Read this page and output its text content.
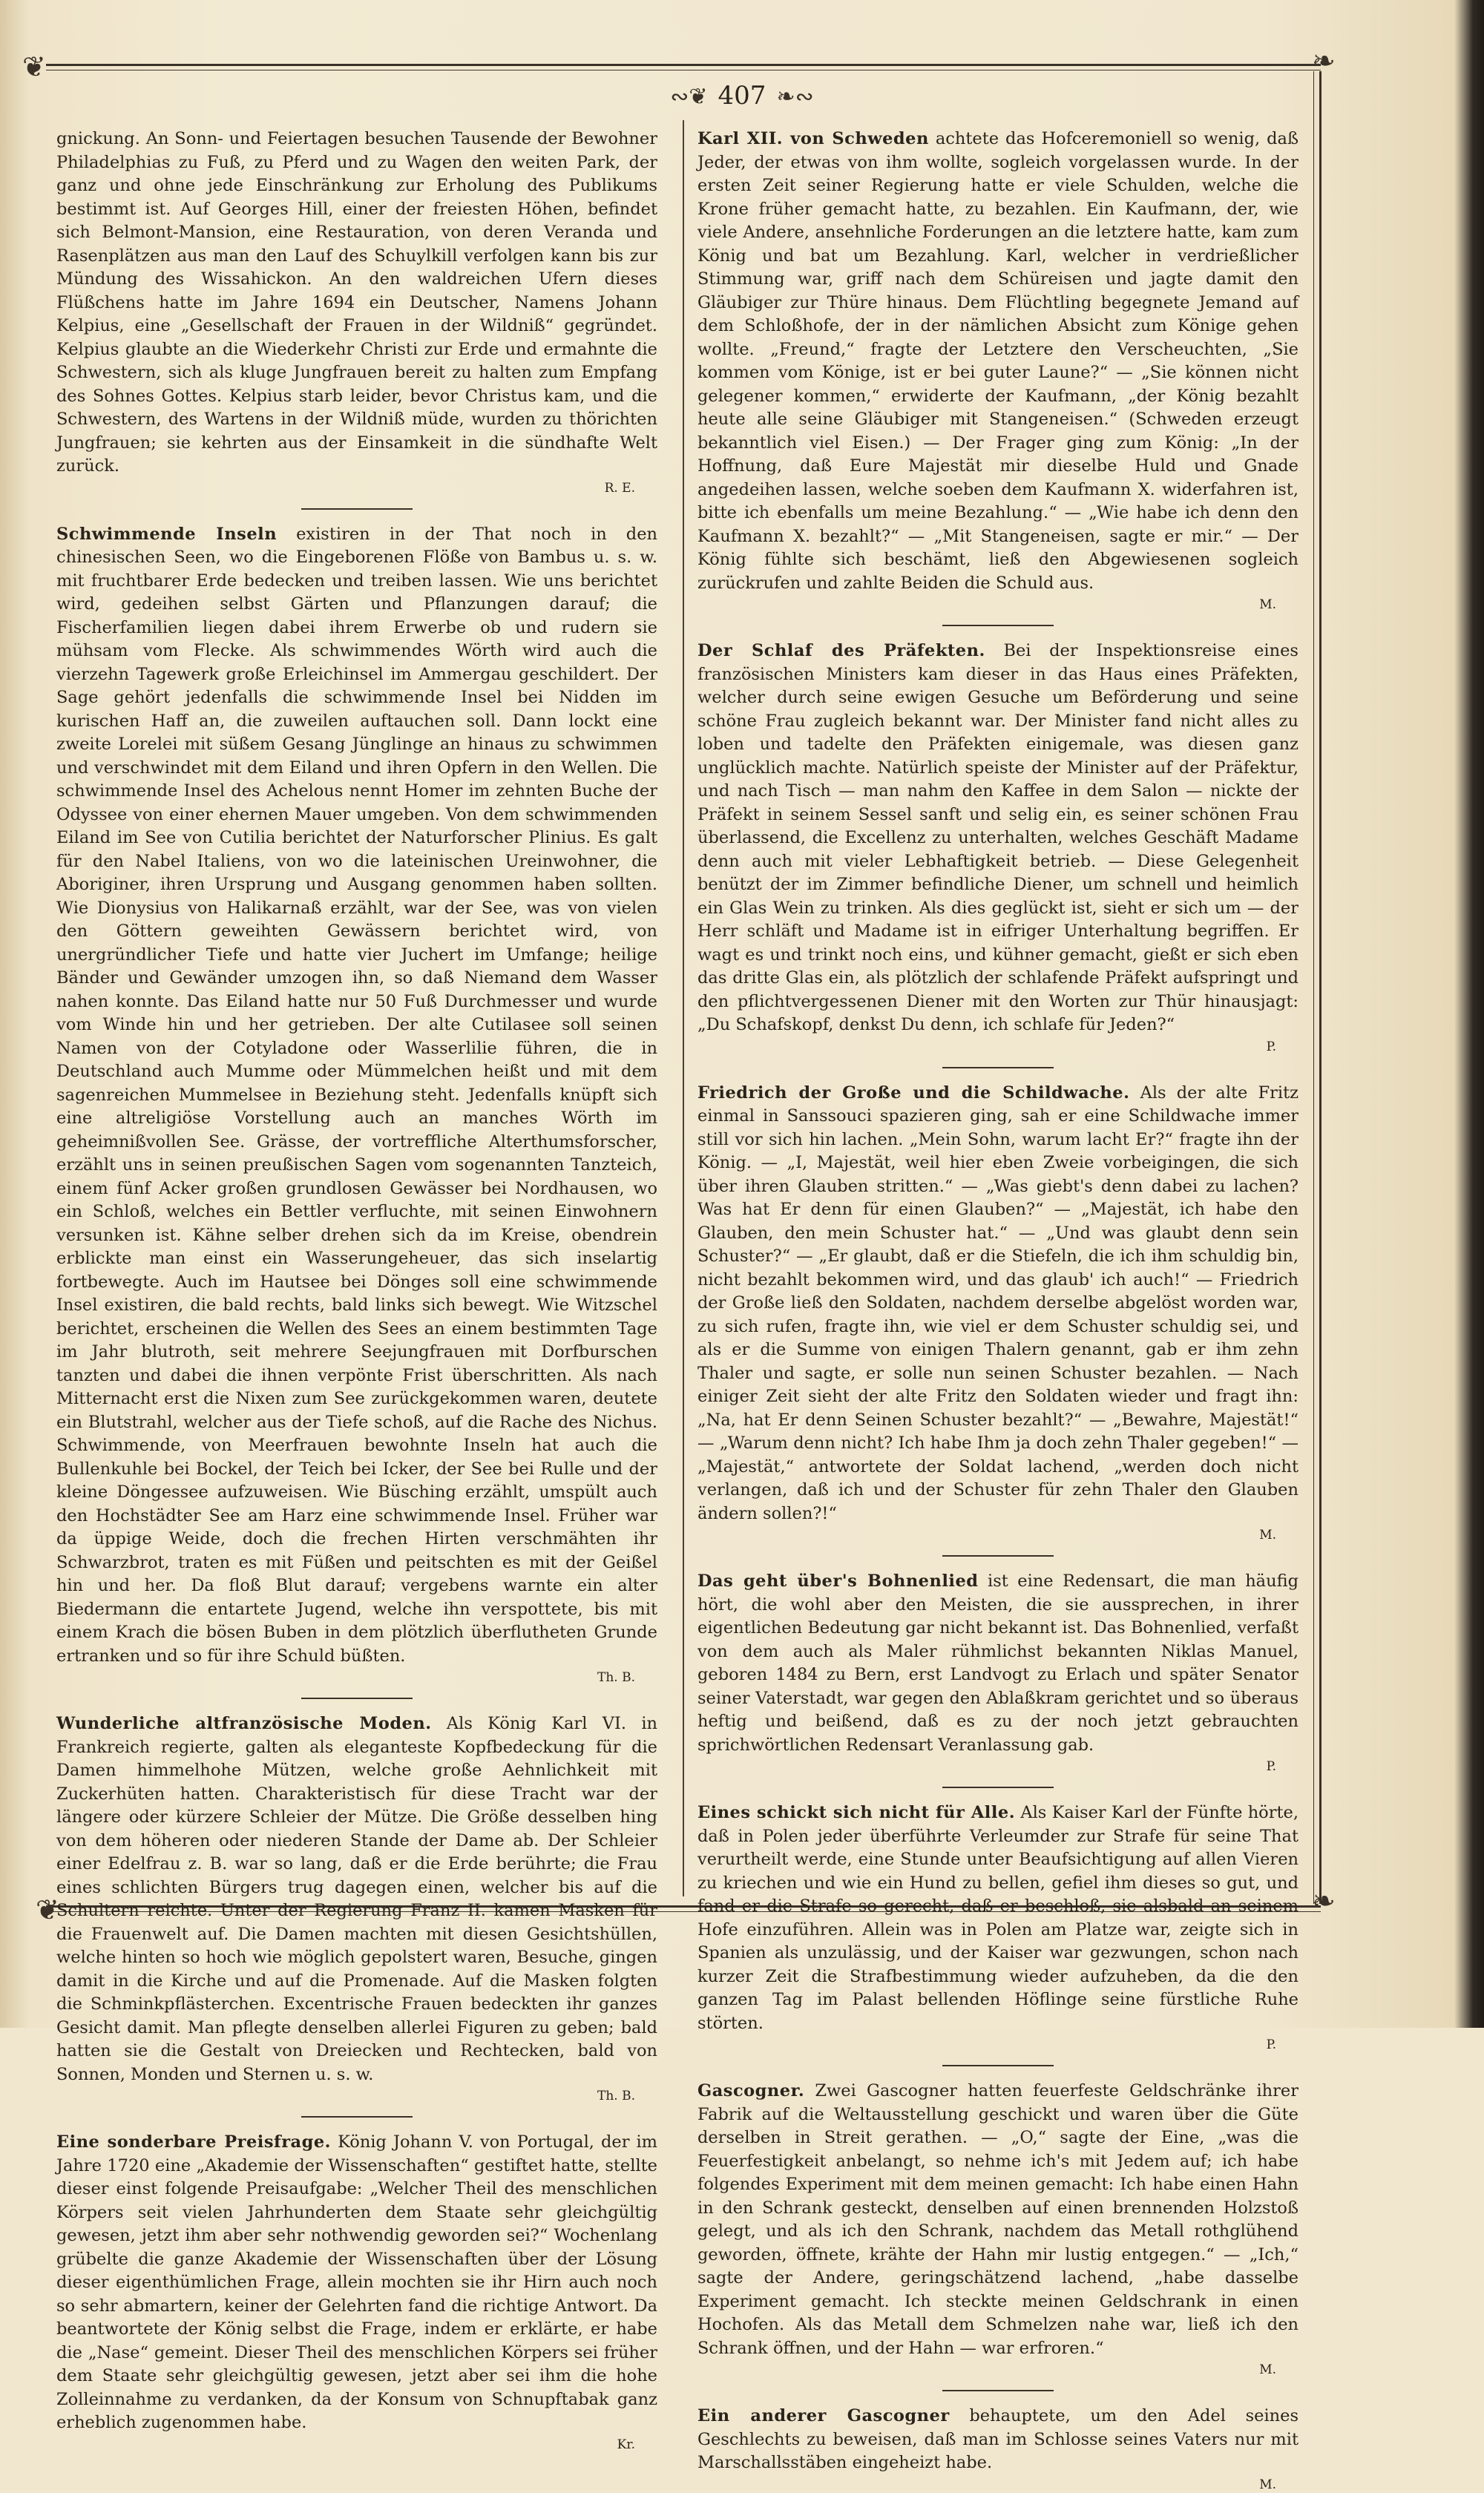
❦	❧
❦	❧
∾❦ 407 ❧∾

gnickung. An Sonn- und Feiertagen besuchen Tausende der Bewohner Philadelphias zu Fuß, zu Pferd und zu Wagen den weiten Park, der ganz und ohne jede Einschränkung zur Erholung des Publikums bestimmt ist. Auf Georges Hill, einer der freiesten Höhen, befindet sich Belmont-Mansion, eine Restauration, von deren Veranda und Rasenplätzen aus man den Lauf des Schuylkill verfolgen kann bis zur Mündung des Wissahickon. An den waldreichen Ufern dieses Flüßchens hatte im Jahre 1694 ein Deutscher, Namens Johann Kelpius, eine „Gesellschaft der Frauen in der Wildniß“ gegründet. Kelpius glaubte an die Wiederkehr Christi zur Erde und ermahnte die Schwestern, sich als kluge Jungfrauen bereit zu halten zum Empfang des Sohnes Gottes. Kelpius starb leider, bevor Christus kam, und die Schwestern, des Wartens in der Wildniß müde, wurden zu thörichten Jungfrauen; sie kehrten aus der Einsamkeit in die sündhafte Welt zurück.

R. E.

Schwimmende Inseln existiren in der That noch in den chinesischen Seen, wo die Eingeborenen Flöße von Bambus u. s. w. mit fruchtbarer Erde bedecken und treiben lassen. Wie uns berichtet wird, gedeihen selbst Gärten und Pflanzungen darauf; die Fischerfamilien liegen dabei ihrem Erwerbe ob und rudern sie mühsam vom Flecke. Als schwimmendes Wörth wird auch die vierzehn Tagewerk große Erleichinsel im Ammergau geschildert. Der Sage gehört jedenfalls die schwimmende Insel bei Nidden im kurischen Haff an, die zuweilen auftauchen soll. Dann lockt eine zweite Lorelei mit süßem Gesang Jünglinge an hinaus zu schwimmen und verschwindet mit dem Eiland und ihren Opfern in den Wellen. Die schwimmende Insel des Achelous nennt Homer im zehnten Buche der Odyssee von einer ehernen Mauer umgeben. Von dem schwimmenden Eiland im See von Cutilia berichtet der Naturforscher Plinius. Es galt für den Nabel Italiens, von wo die lateinischen Ureinwohner, die Aboriginer, ihren Ursprung und Ausgang genommen haben sollten. Wie Dionysius von Halikarnaß erzählt, war der See, was von vielen den Göttern geweihten Gewässern berichtet wird, von unergründlicher Tiefe und hatte vier Juchert im Umfange; heilige Bänder und Gewänder umzogen ihn, so daß Niemand dem Wasser nahen konnte. Das Eiland hatte nur 50 Fuß Durchmesser und wurde vom Winde hin und her getrieben. Der alte Cutilasee soll seinen Namen von der Cotyladone oder Wasserlilie führen, die in Deutschland auch Mummе oder Mümmelchen heißt und mit dem sagenreichen Mummelsee in Beziehung steht. Jedenfalls knüpft sich eine altreligiöse Vorstellung auch an manches Wörth im geheimnißvollen See. Grässe, der vortreffliche Alterthumsforscher, erzählt uns in seinen preußischen Sagen vom sogenannten Tanzteich, einem fünf Acker großen grundlosen Gewässer bei Nordhausen, wo ein Schloß, welches ein Bettler verfluchte, mit seinen Einwohnern versunken ist. Kähne selber drehen sich da im Kreise, obendrein erblickte man einst ein Wasserungeheuer, das sich inselartig fortbewegte. Auch im Hautsee bei Dönges soll eine schwimmende Insel existiren, die bald rechts, bald links sich bewegt. Wie Witzschel berichtet, erscheinen die Wellen des Sees an einem bestimmten Tage im Jahr blutroth, seit mehrere Seejungfrauen mit Dorfburschen tanzten und dabei die ihnen verpönte Frist überschritten. Als nach Mitternacht erst die Nixen zum See zurückgekommen waren, deutete ein Blutstrahl, welcher aus der Tiefe schoß, auf die Rache des Nichus. Schwimmende, von Meerfrauen bewohnte Inseln hat auch die Bullenkuhle bei Bockel, der Teich bei Icker, der See bei Rulle und der kleine Döngessee aufzuweisen. Wie Büsching erzählt, umspült auch den Hochstädter See am Harz eine schwimmende Insel. Früher war da üppige Weide, doch die frechen Hirten verschmähten ihr Schwarzbrot, traten es mit Füßen und peitschten es mit der Geißel hin und her. Da floß Blut darauf; vergebens warnte ein alter Biedermann die entartete Jugend, welche ihn verspottete, bis mit einem Krach die bösen Buben in dem plötzlich überflutheten Grunde ertranken und so für ihre Schuld büßten.

Th. B.

Wunderliche altfranzösische Moden. Als König Karl VI. in Frankreich regierte, galten als eleganteste Kopfbedeckung für die Damen himmelhohe Mützen, welche große Aehnlichkeit mit Zuckerhüten hatten. Charakteristisch für diese Tracht war der längere oder kürzere Schleier der Mütze. Die Größe desselben hing von dem höheren oder niederen Stande der Dame ab. Der Schleier einer Edelfrau z. B. war so lang, daß er die Erde berührte; die Frau eines schlichten Bürgers trug dagegen einen, welcher bis auf die Schultern reichte. Unter der Regierung Franz II. kamen Masken für die Frauenwelt auf. Die Damen machten mit diesen Gesichtshüllen, welche hinten so hoch wie möglich gepolstert waren, Besuche, gingen damit in die Kirche und auf die Promenade. Auf die Masken folgten die Schminkpflästerchen. Excentrische Frauen bedeckten ihr ganzes Gesicht damit. Man pflegte denselben allerlei Figuren zu geben; bald hatten sie die Gestalt von Dreiecken und Rechtecken, bald von Sonnen, Monden und Sternen u. s. w.

Th. B.

Eine sonderbare Preisfrage. König Johann V. von Portugal, der im Jahre 1720 eine „Akademie der Wissenschaften“ gestiftet hatte, stellte dieser einst folgende Preisaufgabe: „Welcher Theil des menschlichen Körpers seit vielen Jahrhunderten dem Staate sehr gleichgültig gewesen, jetzt ihm aber sehr nothwendig geworden sei?“ Wochenlang grübelte die ganze Akademie der Wissenschaften über der Lösung dieser eigenthümlichen Frage, allein mochten sie ihr Hirn auch noch so sehr abmartern, keiner der Gelehrten fand die richtige Antwort. Da beantwortete der König selbst die Frage, indem er erklärte, er habe die „Nase“ gemeint. Dieser Theil des menschlichen Körpers sei früher dem Staate sehr gleichgültig gewesen, jetzt aber sei ihm die hohe Zolleinnahme zu verdanken, da der Konsum von Schnupftabak ganz erheblich zugenommen habe.

Kr.

Karl XII. von Schweden achtete das Hofceremoniell so wenig, daß Jeder, der etwas von ihm wollte, sogleich vorgelassen wurde. In der ersten Zeit seiner Regierung hatte er viele Schulden, welche die Krone früher gemacht hatte, zu bezahlen. Ein Kaufmann, der, wie viele Andere, ansehnliche Forderungen an die letztere hatte, kam zum König und bat um Bezahlung. Karl, welcher in verdrießlicher Stimmung war, griff nach dem Schüreisen und jagte damit den Gläubiger zur Thüre hinaus. Dem Flüchtling begegnete Jemand auf dem Schloßhofe, der in der nämlichen Absicht zum Könige gehen wollte. „Freund,“ fragte der Letztere den Verscheuchten, „Sie kommen vom Könige, ist er bei guter Laune?“ — „Sie können nicht gelegener kommen,“ erwiderte der Kaufmann, „der König bezahlt heute alle seine Gläubiger mit Stangeneisen.“ (Schweden erzeugt bekanntlich viel Eisen.) — Der Frager ging zum König: „In der Hoffnung, daß Eure Majestät mir dieselbe Huld und Gnade angedeihen lassen, welche soeben dem Kaufmann X. widerfahren ist, bitte ich ebenfalls um meine Bezahlung.“ — „Wie habe ich denn den Kaufmann X. bezahlt?“ — „Mit Stangeneisen, sagte er mir.“ — Der König fühlte sich beschämt, ließ den Abgewiesenen sogleich zurückrufen und zahlte Beiden die Schuld aus.

M.

Der Schlaf des Präfekten. Bei der Inspektionsreise eines französischen Ministers kam dieser in das Haus eines Präfekten, welcher durch seine ewigen Gesuche um Beförderung und seine schöne Frau zugleich bekannt war. Der Minister fand nicht alles zu loben und tadelte den Präfekten einigemale, was diesen ganz unglücklich machte. Natürlich speiste der Minister auf der Präfektur, und nach Tisch — man nahm den Kaffee in dem Salon — nickte der Präfekt in seinem Sessel sanft und selig ein, es seiner schönen Frau überlassend, die Excellenz zu unterhalten, welches Geschäft Madame denn auch mit vieler Lebhaftigkeit betrieb. — Diese Gelegenheit benützt der im Zimmer befindliche Diener, um schnell und heimlich ein Glas Wein zu trinken. Als dies geglückt ist, sieht er sich um — der Herr schläft und Madame ist in eifriger Unterhaltung begriffen. Er wagt es und trinkt noch eins, und kühner gemacht, gießt er sich eben das dritte Glas ein, als plötzlich der schlafende Präfekt aufspringt und den pflichtvergessenen Diener mit den Worten zur Thür hinausjagt: „Du Schafskopf, denkst Du denn, ich schlafe für Jeden?“

P.

Friedrich der Große und die Schildwache. Als der alte Fritz einmal in Sanssouci spazieren ging, sah er eine Schildwache immer still vor sich hin lachen. „Mein Sohn, warum lacht Er?“ fragte ihn der König. — „I, Majestät, weil hier eben Zweie vorbeigingen, die sich über ihren Glauben stritten.“ — „Was giebt's denn dabei zu lachen? Was hat Er denn für einen Glauben?“ — „Majestät, ich habe den Glauben, den mein Schuster hat.“ — „Und was glaubt denn sein Schuster?“ — „Er glaubt, daß er die Stiefeln, die ich ihm schuldig bin, nicht bezahlt bekommen wird, und das glaub' ich auch!“ — Friedrich der Große ließ den Soldaten, nachdem derselbe abgelöst worden war, zu sich rufen, fragte ihn, wie viel er dem Schuster schuldig sei, und als er die Summe von einigen Thalern genannt, gab er ihm zehn Thaler und sagte, er solle nun seinen Schuster bezahlen. — Nach einiger Zeit sieht der alte Fritz den Soldaten wieder und fragt ihn: „Na, hat Er denn Seinen Schuster bezahlt?“ — „Bewahre, Majestät!“ — „Warum denn nicht? Ich habe Ihm ja doch zehn Thaler gegeben!“ — „Majestät,“ antwortete der Soldat lachend, „werden doch nicht verlangen, daß ich und der Schuster für zehn Thaler den Glauben ändern sollen?!“

M.

Das geht über's Bohnenlied ist eine Redensart, die man häufig hört, die wohl aber den Meisten, die sie aussprechen, in ihrer eigentlichen Bedeutung gar nicht bekannt ist. Das Bohnenlied, verfaßt von dem auch als Maler rühmlichst bekannten Niklas Manuel, geboren 1484 zu Bern, erst Landvogt zu Erlach und später Senator seiner Vaterstadt, war gegen den Ablaßkram gerichtet und so überaus heftig und beißend, daß es zu der noch jetzt gebrauchten sprichwörtlichen Redensart Veranlassung gab.

P.

Eines schickt sich nicht für Alle. Als Kaiser Karl der Fünfte hörte, daß in Polen jeder überführte Verleumder zur Strafe für seine That verurtheilt werde, eine Stunde unter Beaufsichtigung auf allen Vieren zu kriechen und wie ein Hund zu bellen, gefiel ihm dieses so gut, und fand er die Strafe so gerecht, daß er beschloß, sie alsbald an seinem Hofe einzuführen. Allein was in Polen am Platze war, zeigte sich in Spanien als unzulässig, und der Kaiser war gezwungen, schon nach kurzer Zeit die Strafbestimmung wieder aufzuheben, da die den ganzen Tag im Palast bellenden Höflinge seine fürstliche Ruhe störten.

P.

Gascogner. Zwei Gascogner hatten feuerfeste Geldschränke ihrer Fabrik auf die Weltausstellung geschickt und waren über die Güte derselben in Streit gerathen. — „O,“ sagte der Eine, „was die Feuerfestigkeit anbelangt, so nehme ich's mit Jedem auf; ich habe folgendes Experiment mit dem meinen gemacht: Ich habe einen Hahn in den Schrank gesteckt, denselben auf einen brennenden Holzstoß gelegt, und als ich den Schrank, nachdem das Metall rothglühend geworden, öffnete, krähte der Hahn mir lustig entgegen.“ — „Ich,“ sagte der Andere, geringschätzend lachend, „habe dasselbe Experiment gemacht. Ich steckte meinen Geldschrank in einen Hochofen. Als das Metall dem Schmelzen nahe war, ließ ich den Schrank öffnen, und der Hahn — war erfroren.“

M.

Ein anderer Gascogner behauptete, um den Adel seines Geschlechts zu beweisen, daß man im Schlosse seines Vaters nur mit Marschallsstäben eingeheizt habe.

M.
